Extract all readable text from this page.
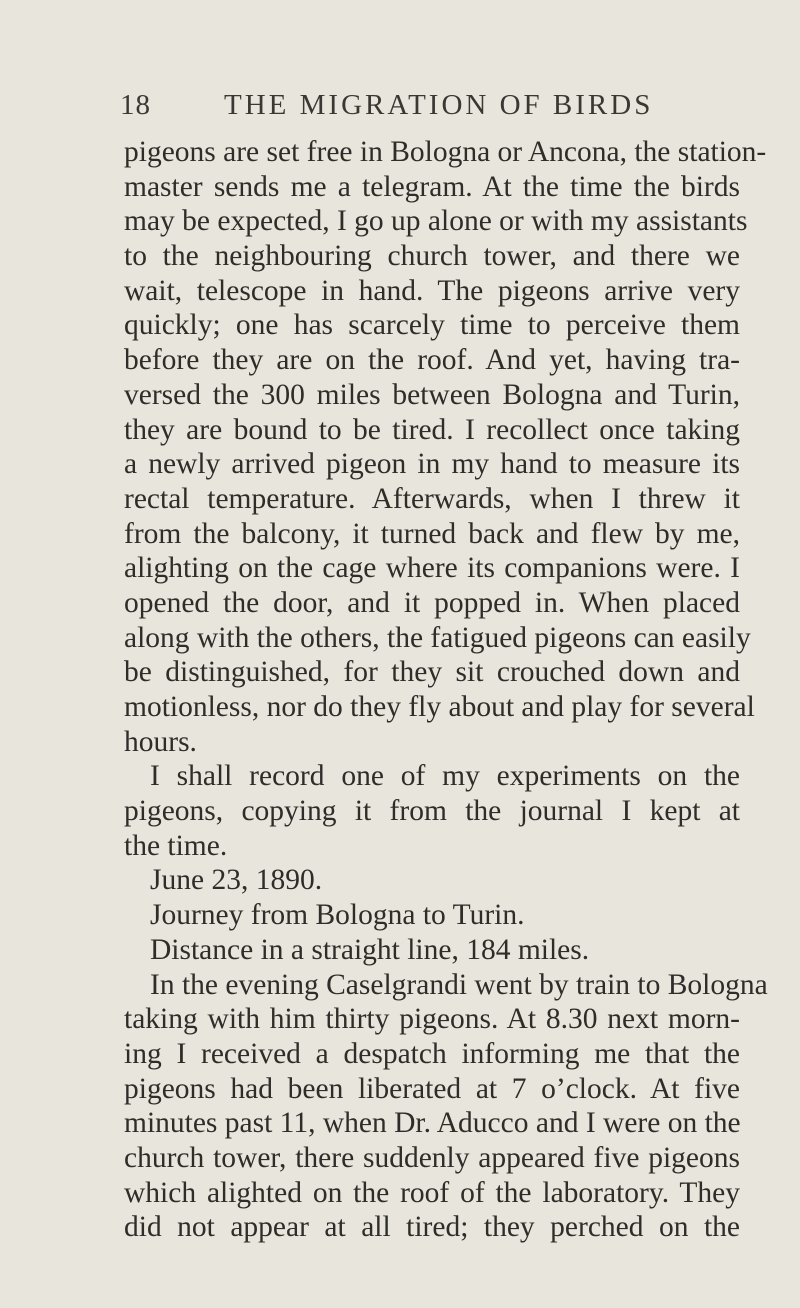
18	THE MIGRATION OF BIRDS
pigeons are set free in Bologna or Ancona, the station-
master sends me a telegram. At the time the birds
may be expected, I go up alone or with my assistants
to the neighbouring church tower, and there we
wait, telescope in hand. The pigeons arrive very
quickly; one has scarcely time to perceive them
before they are on the roof. And yet, having tra-
versed the 300 miles between Bologna and Turin,
they are bound to be tired. I recollect once taking
a newly arrived pigeon in my hand to measure its
rectal temperature. Afterwards, when I threw it
from the balcony, it turned back and flew by me,
alighting on the cage where its companions were. I
opened the door, and it popped in. When placed
along with the others, the fatigued pigeons can easily
be distinguished, for they sit crouched down and
motionless, nor do they fly about and play for several
hours.
I shall record one of my experiments on the
pigeons, copying it from the journal I kept at
the time.
June 23, 1890.
Journey from Bologna to Turin.
Distance in a straight line, 184 miles.
In the evening Caselgrandi went by train to Bologna
taking with him thirty pigeons. At 8.30 next morn-
ing I received a despatch informing me that the
pigeons had been liberated at 7 o’clock. At five
minutes past 11, when Dr. Aducco and I were on the
church tower, there suddenly appeared five pigeons
which alighted on the roof of the laboratory. They
did not appear at all tired; they perched on the
